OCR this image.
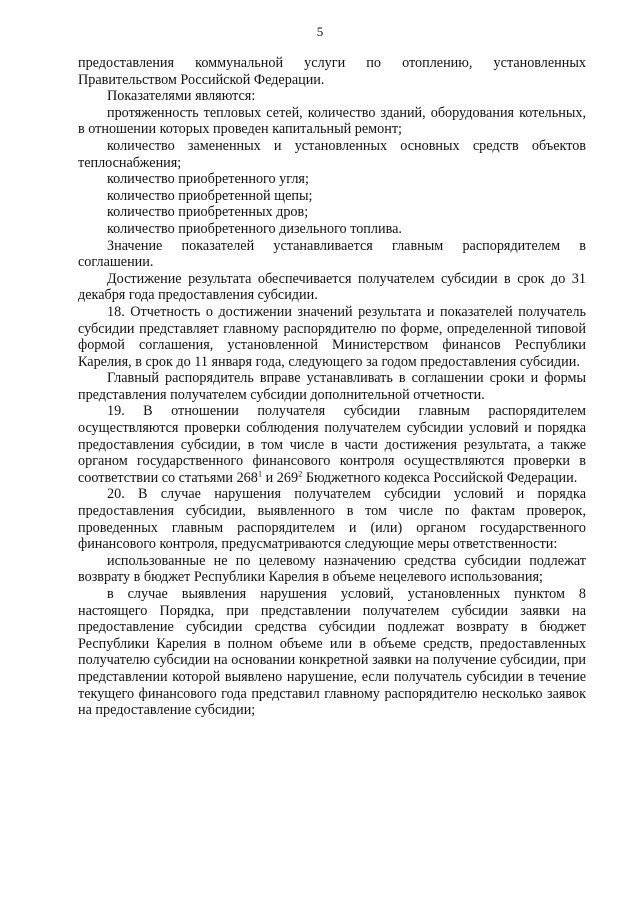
5

предоставления коммунальной услуги по отоплению, установленных Правительством Российской Федерации.

Показателями являются:

протяженность тепловых сетей, количество зданий, оборудования котельных, в отношении которых проведен капитальный ремонт;

количество замененных и установленных основных средств объектов теплоснабжения;

количество приобретенного угля;

количество приобретенной щепы;

количество приобретенных дров;

количество приобретенного дизельного топлива.

Значение показателей устанавливается главным распорядителем в соглашении.

Достижение результата обеспечивается получателем субсидии в срок до 31 декабря года предоставления субсидии.

18. Отчетность о достижении значений результата и показателей получатель субсидии представляет главному распорядителю по форме, определенной типовой формой соглашения, установленной Министерством финансов Республики Карелия, в срок до 11 января года, следующего за годом предоставления субсидии.

Главный распорядитель вправе устанавливать в соглашении сроки и формы представления получателем субсидии дополнительной отчетности.

19. В отношении получателя субсидии главным распорядителем осуществляются проверки соблюдения получателем субсидии условий и порядка предоставления субсидии, в том числе в части достижения результата, а также органом государственного финансового контроля осуществляются проверки в соответствии со статьями $268^1$ и $269^2$ Бюджетного кодекса Российской Федерации.

20. В случае нарушения получателем субсидии условий и порядка предоставления субсидии, выявленного в том числе по фактам проверок, проведенных главным распорядителем и (или) органом государственного финансового контроля, предусматриваются следующие меры ответственности:

использованные не по целевому назначению средства субсидии подлежат возврату в бюджет Республики Карелия в объеме нецелевого использования;

в случае выявления нарушения условий, установленных пунктом 8 настоящего Порядка, при представлении получателем субсидии заявки на предоставление субсидии средства субсидии подлежат возврату в бюджет Республики Карелия в полном объеме или в объеме средств, предоставленных получателю субсидии на основании конкретной заявки на получение субсидии, при представлении которой выявлено нарушение, если получатель субсидии в течение текущего финансового года представил главному распорядителю несколько заявок на предоставление субсидии;
